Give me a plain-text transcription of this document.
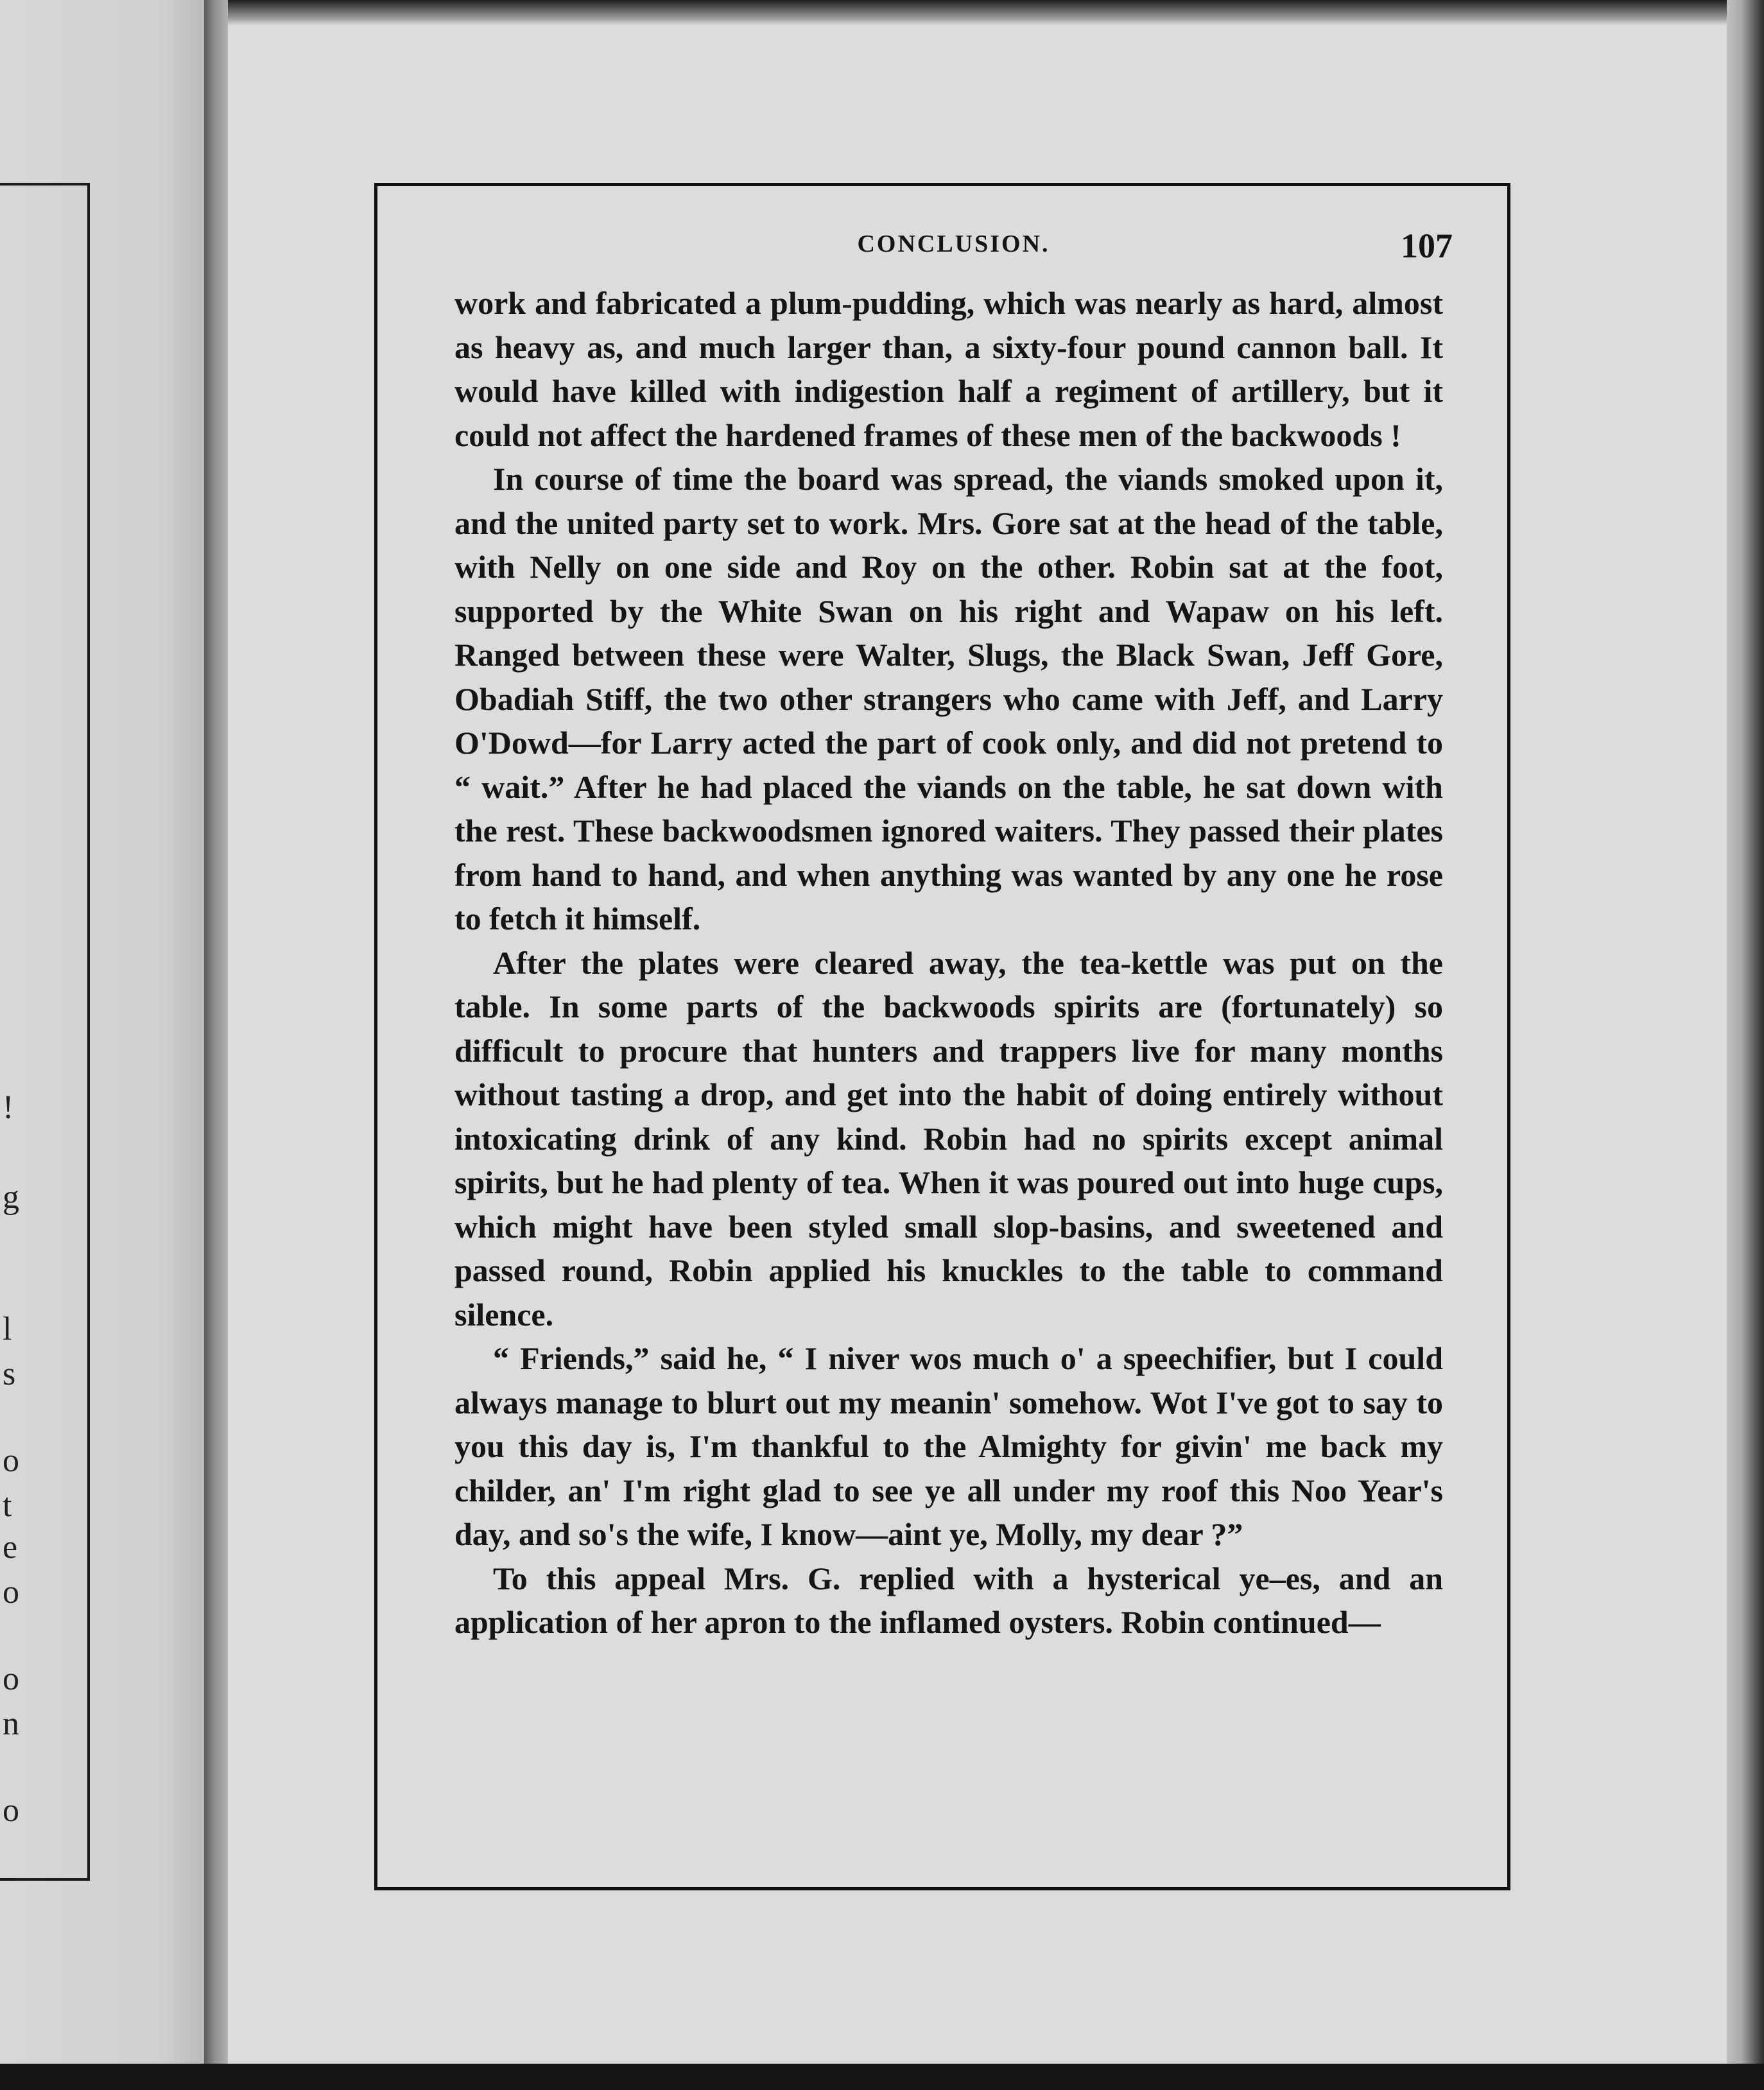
!
g
l
s
o
t
e
o
o
n
o
CONCLUSION.	107

work and fabricated a plum-pudding, which was nearly as hard, almost as heavy as, and much larger than, a sixty-four pound cannon ball. It would have killed with indigestion half a regiment of artillery, but it could not affect the hardened frames of these men of the backwoods !

In course of time the board was spread, the viands smoked upon it, and the united party set to work. Mrs. Gore sat at the head of the table, with Nelly on one side and Roy on the other. Robin sat at the foot, supported by the White Swan on his right and Wapaw on his left. Ranged between these were Walter, Slugs, the Black Swan, Jeff Gore, Obadiah Stiff, the two other strangers who came with Jeff, and Larry O'Dowd—for Larry acted the part of cook only, and did not pretend to “ wait.” After he had placed the viands on the table, he sat down with the rest. These backwoodsmen ignored waiters. They passed their plates from hand to hand, and when anything was wanted by any one he rose to fetch it himself.

After the plates were cleared away, the tea-kettle was put on the table. In some parts of the backwoods spirits are (fortunately) so difficult to procure that hunters and trappers live for many months without tasting a drop, and get into the habit of doing entirely without intoxicating drink of any kind. Robin had no spirits except animal spirits, but he had plenty of tea. When it was poured out into huge cups, which might have been styled small slop-basins, and sweetened and passed round, Robin applied his knuckles to the table to command silence.

“ Friends,” said he, “ I niver wos much o' a speechifier, but I could always manage to blurt out my meanin' somehow. Wot I've got to say to you this day is, I'm thankful to the Almighty for givin' me back my childer, an' I'm right glad to see ye all under my roof this Noo Year's day, and so's the wife, I know—aint ye, Molly, my dear ?”

To this appeal Mrs. G. replied with a hysterical ye–es, and an application of her apron to the inflamed oysters. Robin continued—
